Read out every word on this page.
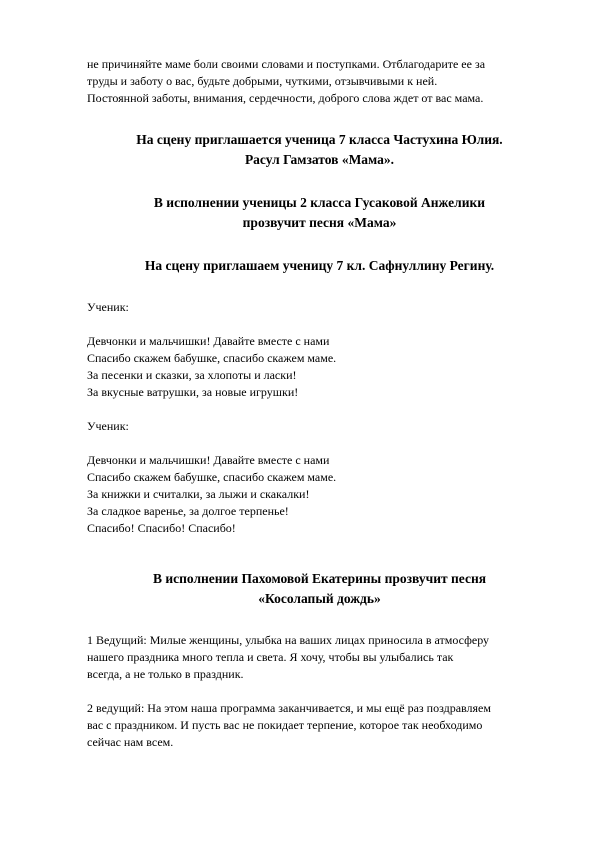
не причиняйте маме боли своими словами и поступками. Отблагодарите ее за
труды и заботу о вас, будьте добрыми, чуткими, отзывчивыми к ней.
Постоянной заботы, внимания, сердечности, доброго слова ждет от вас мама.

На сцену приглашается ученица 7 класса Частухина Юлия.
Расул Гамзатов «Мама».

В исполнении ученицы 2 класса Гусаковой Анжелики
прозвучит песня «Мама»

На сцену приглашаем ученицу 7 кл. Сафнуллину Регину.

Ученик:

Девчонки и мальчишки! Давайте вместе с нами
Спасибо скажем бабушке, спасибо скажем маме.
За песенки и сказки, за хлопоты и ласки!
За вкусные ватрушки, за новые игрушки!

Ученик:

Девчонки и мальчишки! Давайте вместе с нами
Спасибо скажем бабушке, спасибо скажем маме.
За книжки и считалки, за лыжи и скакалки!
За сладкое варенье, за долгое терпенье!
Спасибо! Спасибо! Спасибо!

В исполнении Пахомовой Екатерины прозвучит песня
«Косолапый дождь»

1 Ведущий: Милые женщины, улыбка на ваших лицах приносила в атмосферу
нашего праздника много тепла и света. Я хочу, чтобы вы улыбались так
всегда, а не только в праздник.

2 ведущий: На этом наша программа заканчивается, и мы ещё раз поздравляем
вас с праздником. И пусть вас не покидает терпение, которое так необходимо
сейчас нам всем.
